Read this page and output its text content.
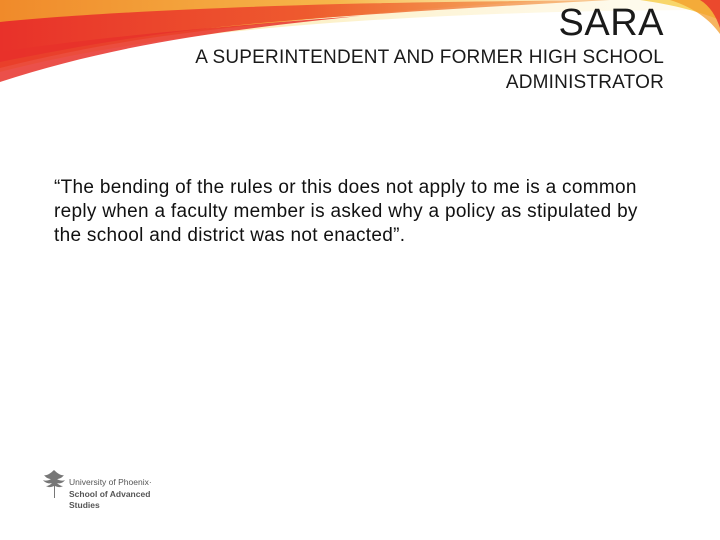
SARA
A SUPERINTENDENT AND FORMER HIGH SCHOOL ADMINISTRATOR
“The bending of the rules or this does not apply to me is a common reply when a faculty member is asked why a policy as stipulated by the school and district was not enacted”.
University of Phoenix·
School of Advanced
Studies
